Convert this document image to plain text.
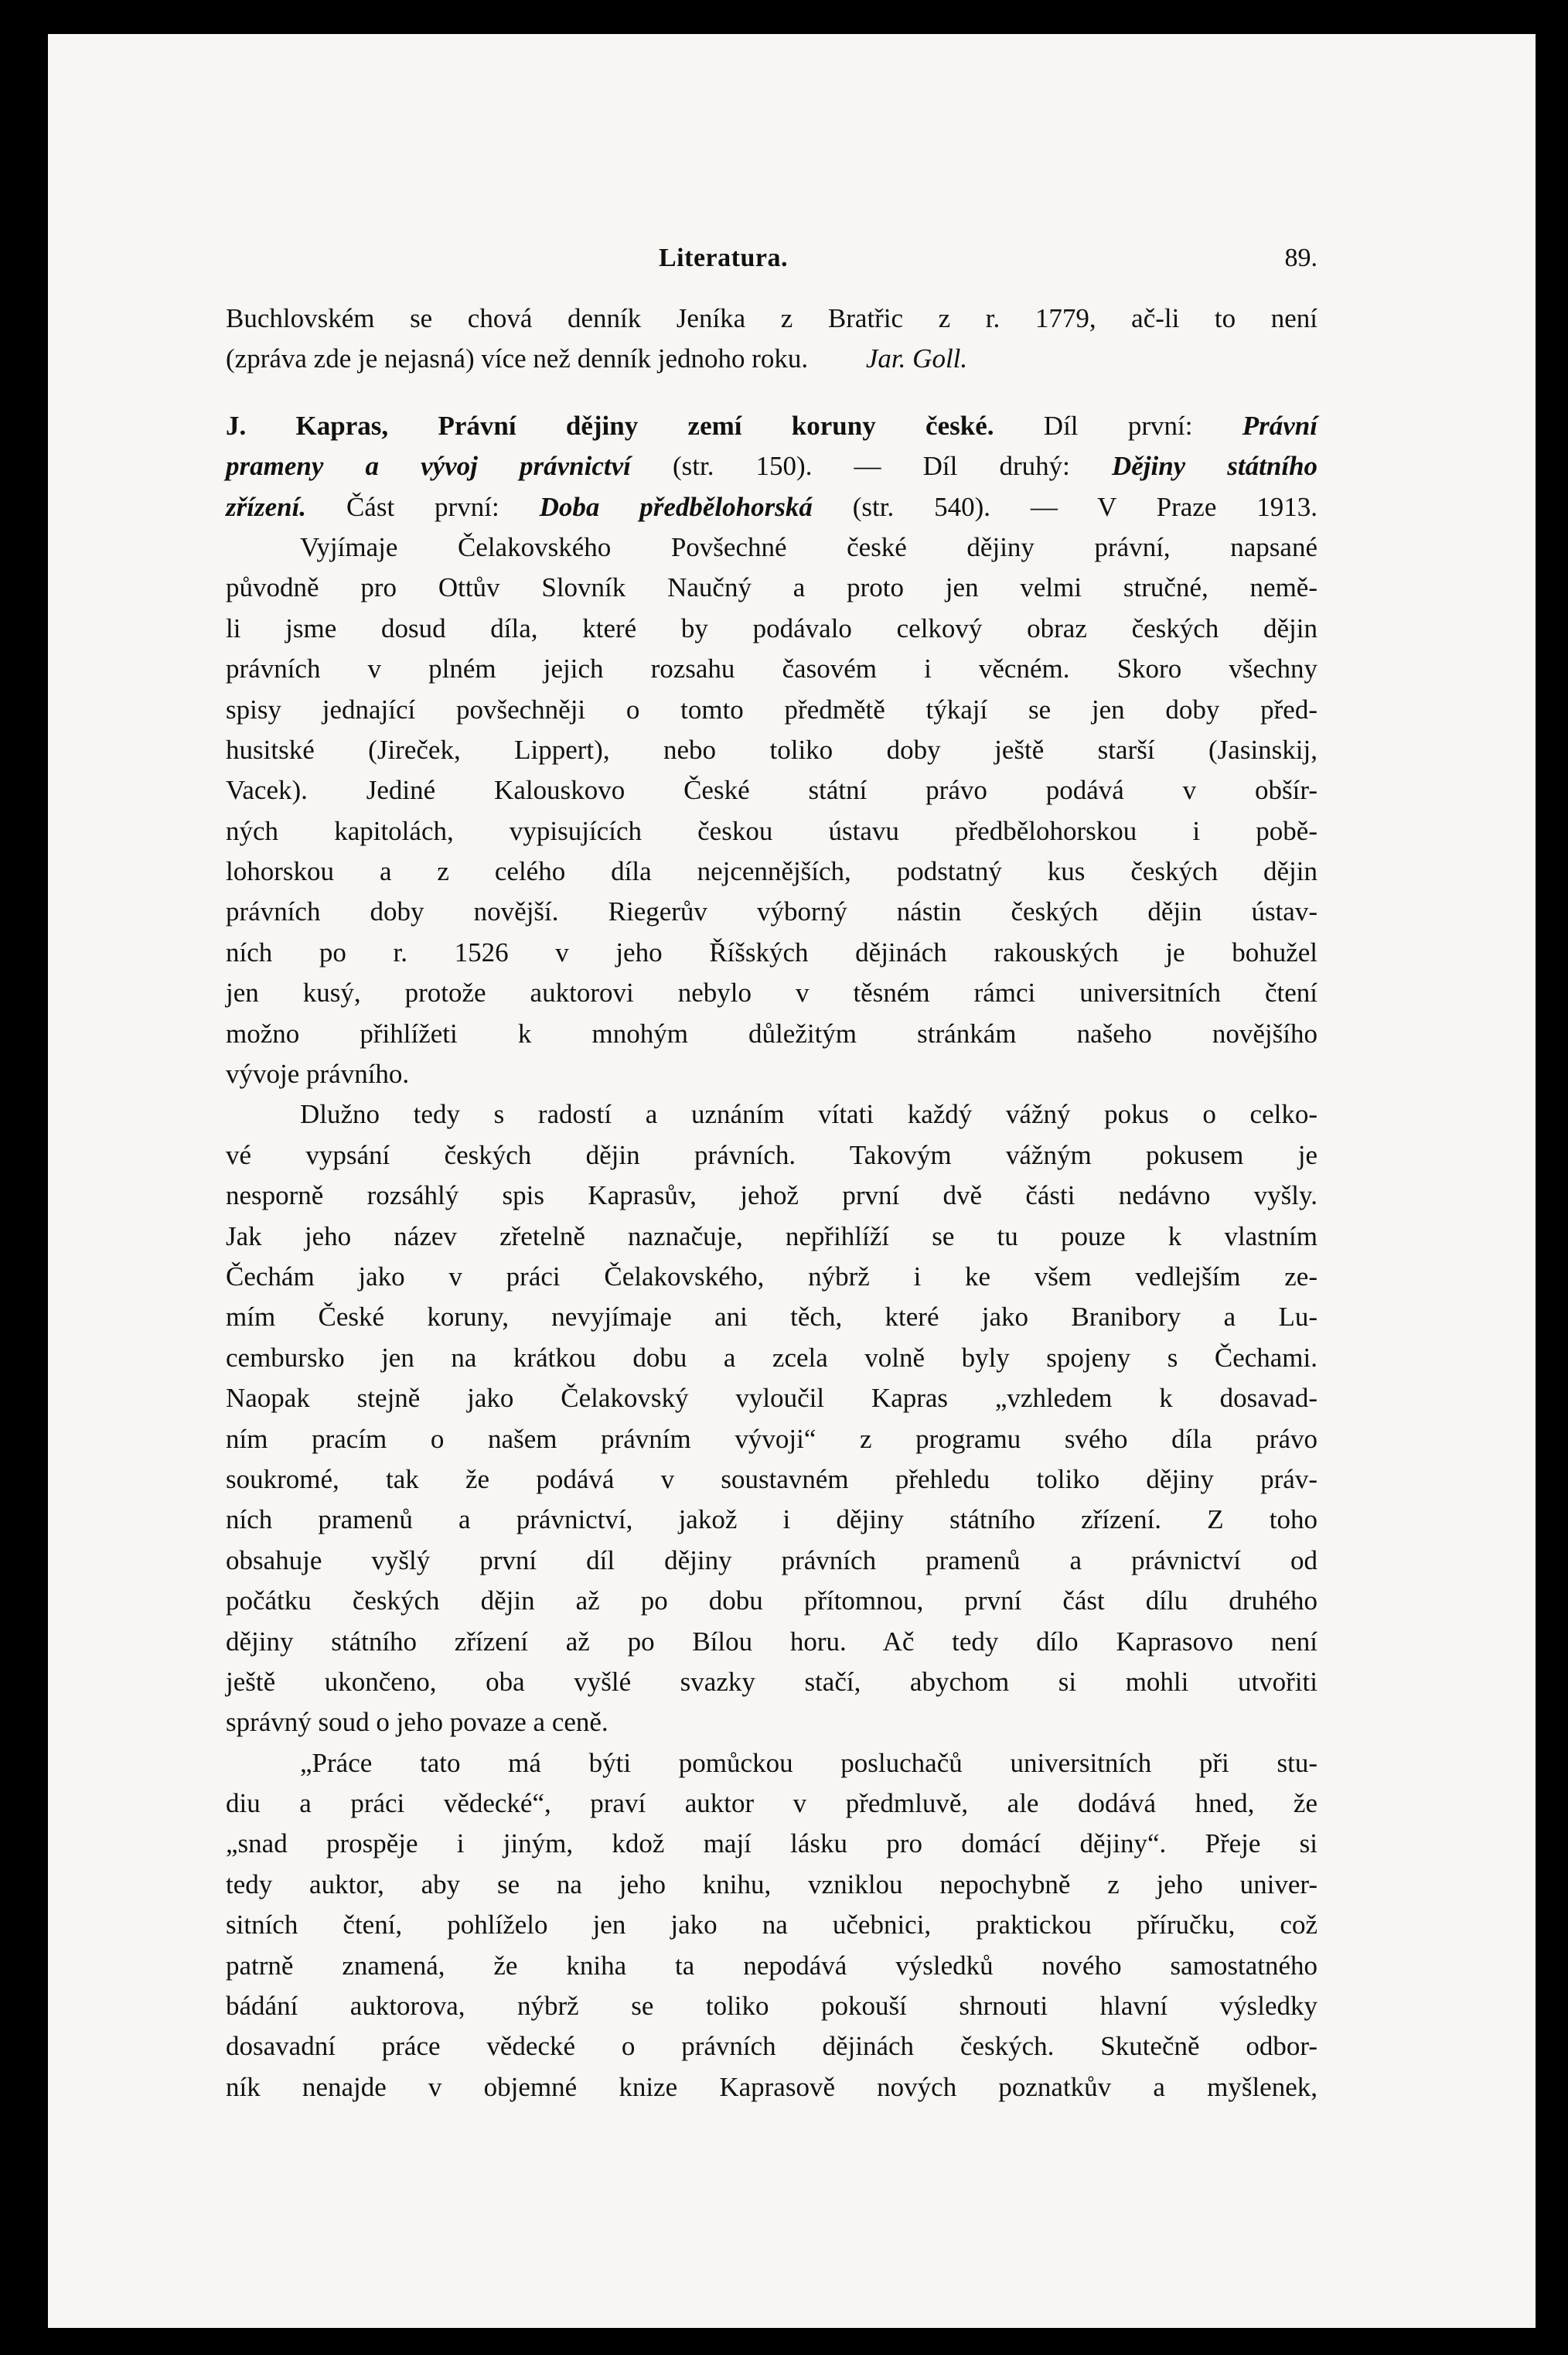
Literatura.	89.
Buchlovském se chová denník Jeníka z Bratřic z r. 1779, ač-li to není
(zpráva zde je nejasná) více než denník jednoho roku. Jar. Goll.
J. Kapras, Právní dějiny zemí koruny české. Díl první: Právní
prameny a vývoj právnictví (str. 150). — Díl druhý: Dějiny státního
zřízení. Část první: Doba předbělohorská (str. 540). — V Praze 1913.
Vyjímaje Čelakovského Povšechné české dějiny právní, napsané
původně pro Ottův Slovník Naučný a proto jen velmi stručné, nemě-
li jsme dosud díla, které by podávalo celkový obraz českých dějin
právních v plném jejich rozsahu časovém i věcném. Skoro všechny
spisy jednající povšechněji o tomto předmětě týkají se jen doby před-
husitské (Jireček, Lippert), nebo toliko doby ještě starší (Jasinskij,
Vacek). Jediné Kalouskovo České státní právo podává v obšír-
ných kapitolách, vypisujících českou ústavu předbělohorskou i pobě-
lohorskou a z celého díla nejcennějších, podstatný kus českých dějin
právních doby novější. Riegerův výborný nástin českých dějin ústav-
ních po r. 1526 v jeho Říšských dějinách rakouských je bohužel
jen kusý, protože auktorovi nebylo v těsném rámci universitních čtení
možno přihlížeti k mnohým důležitým stránkám našeho novějšího
vývoje právního.
Dlužno tedy s radostí a uznáním vítati každý vážný pokus o celko-
vé vypsání českých dějin právních. Takovým vážným pokusem je
nesporně rozsáhlý spis Kaprasův, jehož první dvě části nedávno vyšly.
Jak jeho název zřetelně naznačuje, nepřihlíží se tu pouze k vlastním
Čechám jako v práci Čelakovského, nýbrž i ke všem vedlejším ze-
mím České koruny, nevyjímaje ani těch, které jako Branibory a Lu-
cembursko jen na krátkou dobu a zcela volně byly spojeny s Čechami.
Naopak stejně jako Čelakovský vyloučil Kapras „vzhledem k dosavad-
ním pracím o našem právním vývoji“ z programu svého díla právo
soukromé, tak že podává v soustavném přehledu toliko dějiny práv-
ních pramenů a právnictví, jakož i dějiny státního zřízení. Z toho
obsahuje vyšlý první díl dějiny právních pramenů a právnictví od
počátku českých dějin až po dobu přítomnou, první část dílu druhého
dějiny státního zřízení až po Bílou horu. Ač tedy dílo Kaprasovo není
ještě ukončeno, oba vyšlé svazky stačí, abychom si mohli utvořiti
správný soud o jeho povaze a ceně.
„Práce tato má býti pomůckou posluchačů universitních při stu-
diu a práci vědecké“, praví auktor v předmluvě, ale dodává hned, že
„snad prospěje i jiným, kdož mají lásku pro domácí dějiny“. Přeje si
tedy auktor, aby se na jeho knihu, vzniklou nepochybně z jeho univer-
sitních čtení, pohlíželo jen jako na učebnici, praktickou příručku, což
patrně znamená, že kniha ta nepodává výsledků nového samostatného
bádání auktorova, nýbrž se toliko pokouší shrnouti hlavní výsledky
dosavadní práce vědecké o právních dějinách českých. Skutečně odbor-
ník nenajde v objemné knize Kaprasově nových poznatkův a myšlenek,
